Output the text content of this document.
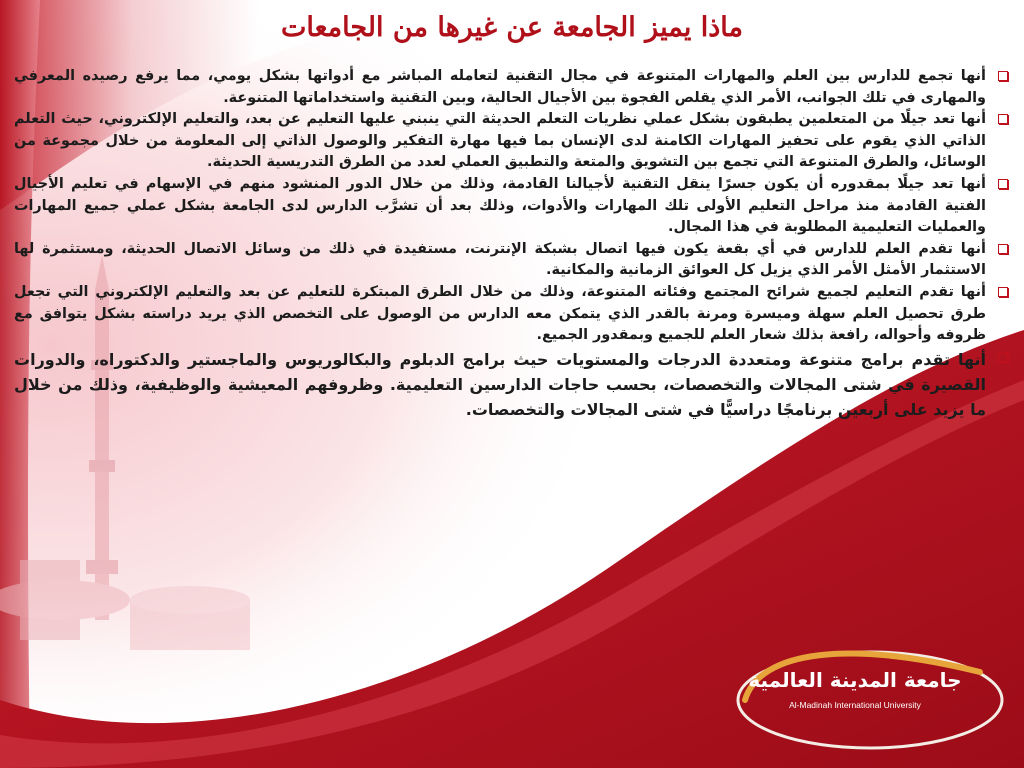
ماذا يميز الجامعة عن غيرها من الجامعات

أنها تجمع للدارس بين العلم والمهارات المتنوعة في مجال التقنية لتعامله المباشر مع أدواتها بشكل يومي، مما يرفع رصيده المعرفي والمهارى في تلك الجوانب، الأمر الذي يقلص الفجوة بين الأجيال الحالية، وبين التقنية واستخداماتها المتنوعة.

أنها تعد جيلًا من المتعلمين يطبقون بشكل عملي نظريات التعلم الحديثة التي ينبني عليها التعليم عن بعد، والتعليم الإلكتروني، حيث التعلم الذاتي الذي يقوم على تحفيز المهارات الكامنة لدى الإنسان بما فيها مهارة التفكير والوصول الذاتي إلى المعلومة من خلال مجموعة من الوسائل، والطرق المتنوعة التي تجمع بين التشويق والمتعة والتطبيق العملي لعدد من الطرق التدريسية الحديثة.

أنها تعد جيلًا بمقدوره أن يكون جسرًا ينقل التقنية لأجيالنا القادمة، وذلك من خلال الدور المنشود منهم في الإسهام في تعليم الأجيال الفتية القادمة منذ مراحل التعليم الأولى تلك المهارات والأدوات، وذلك بعد أن تشرَّب الدارس لدى الجامعة بشكل عملي جميع المهارات والعمليات التعليمية المطلوبة في هذا المجال.

أنها تقدم العلم للدارس في أي بقعة يكون فيها اتصال بشبكة الإنترنت، مستفيدة في ذلك من وسائل الاتصال الحديثة، ومستثمرة لها الاستثمار الأمثل الأمر الذي يزيل كل العوائق الزمانية والمكانية.

أنها تقدم التعليم لجميع شرائح المجتمع وفئاته المتنوعة، وذلك من خلال الطرق المبتكرة للتعليم عن بعد والتعليم الإلكتروني التي تجعل طرق تحصيل العلم سهلة وميسرة ومرنة بالقدر الذي يتمكن معه الدارس من الوصول على التخصص الذي يريد دراسته بشكل يتوافق مع ظروفه وأحواله، رافعة بذلك شعار العلم للجميع وبمقدور الجميع.

أنها تقدم برامج متنوعة ومتعددة الدرجات والمستويات حيث برامج الدبلوم والبكالوريوس والماجستير والدكتوراه، والدورات القصيرة في شتى المجالات والتخصصات، بحسب حاجات الدارسين التعليمية. وظروفهم المعيشية والوظيفية، وذلك من خلال ما يزيد على أربعين برنامجًا دراسيًّا في شتى المجالات والتخصصات.

جامعة المدينة العالمية
Al-Madinah International University
